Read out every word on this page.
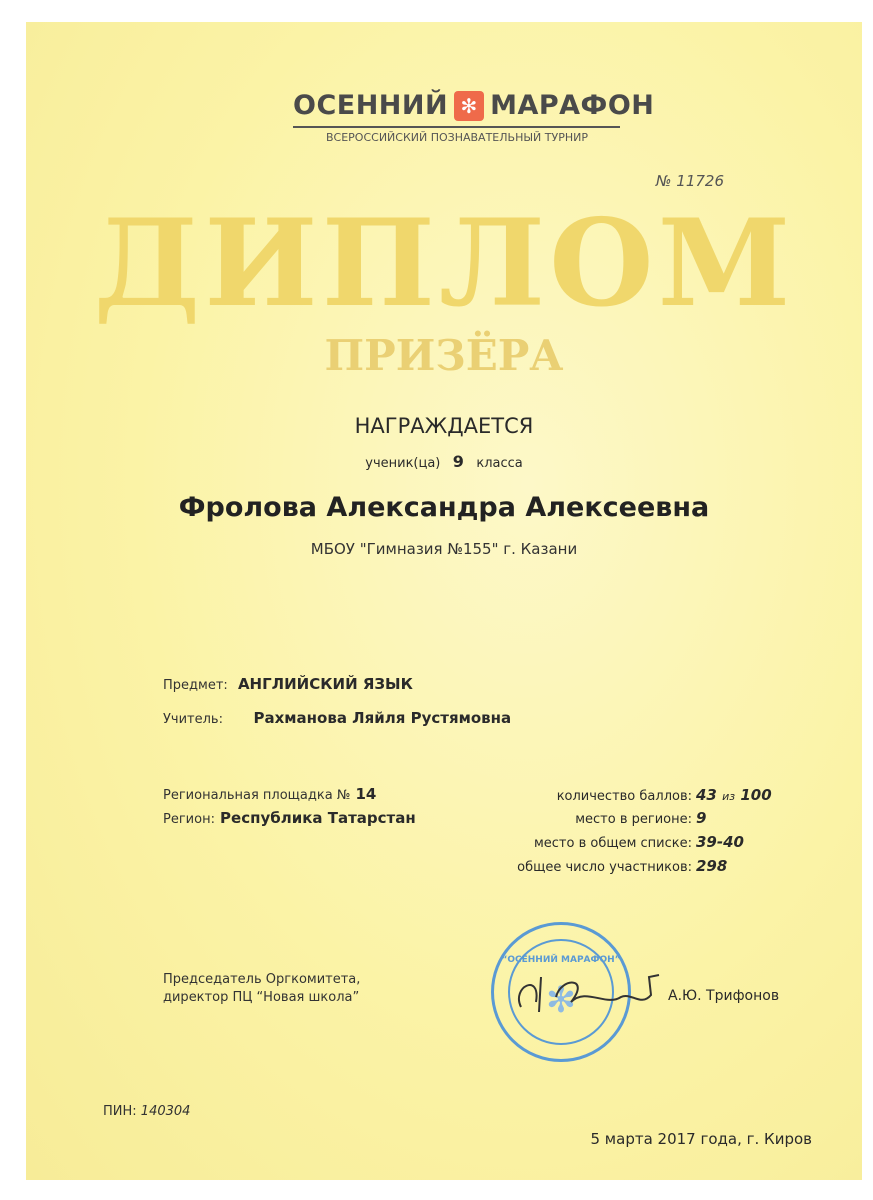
ОСЕННИЙ ✻ МАРАФОН
ВСЕРОССИЙСКИЙ ПОЗНАВАТЕЛЬНЫЙ ТУРНИР
№ 11726
ДИПЛОМ
ПРИЗЁРА
НАГРАЖДАЕТСЯ
ученик(ца) 9 класса
Фролова Александра Алексеевна
МБОУ "Гимназия №155" г. Казани
Предмет: АНГЛИЙСКИЙ ЯЗЫК
Учитель: Рахманова Ляйля Рустямовна
Региональная площадка № 14
Регион: Республика Татарстан
количество баллов: 43 из 100
место в регионе: 9
место в общем списке: 39-40
общее число участников: 298
Председатель Оргкомитета,
директор ПЦ “Новая школа”
“ОСЕННИЙ МАРАФОН”
✻	А.Ю. Трифонов
ПИН: 140304
5 марта 2017 года, г. Киров
